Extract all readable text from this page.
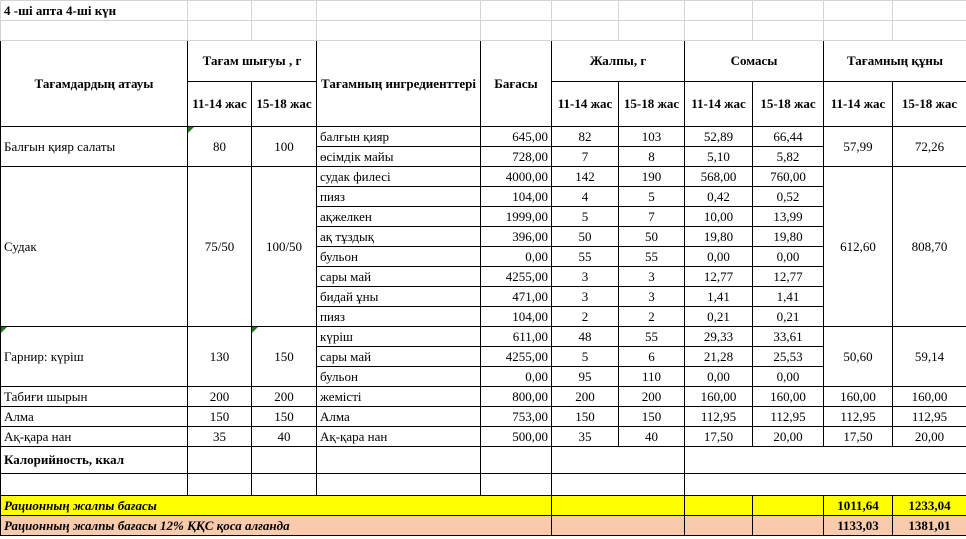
4 -ші апта 4-ші күн										

Тағамдардың атауы	Тағам шығуы , г		Тағамның ингредиенттері	Бағасы	Жалпы, г		Сомасы		Тағамның құны	
	11-14 жас	15-18 жас			11-14 жас	15-18 жас	11-14 жас	15-18 жас	11-14 жас	15-18 жас
Балғын қияр салаты	80	100	балғын қияр	645,00	82	103	52,89	66,44	57,99	72,26
			өсімдік майы	728,00	7	8	5,10	5,82		
Судак	75/50	100/50	судак филесі	4000,00	142	190	568,00	760,00	612,60	808,70
			пияз	104,00	4	5	0,42	0,52		
			ақжелкен	1999,00	5	7	10,00	13,99		
			ақ тұздық	396,00	50	50	19,80	19,80		
			бульон	0,00	55	55	0,00	0,00		
			сары май	4255,00	3	3	12,77	12,77		
			бидай ұны	471,00	3	3	1,41	1,41		
			пияз	104,00	2	2	0,21	0,21		
Гарнир: күріш	130	150	күріш	611,00	48	55	29,33	33,61	50,60	59,14
			сары май	4255,00	5	6	21,28	25,53		
			бульон	0,00	95	110	0,00	0,00		
Табиғи шырын	200	200	жемісті	800,00	200	200	160,00	160,00	160,00	160,00
Алма	150	150	Алма	753,00	150	150	112,95	112,95	112,95	112,95
Ақ-қара нан	35	40	Ақ-қара нан	500,00	35	40	17,50	20,00	17,50	20,00
Калорийность, ккал										

Рационның жалпы бағасы									1011,64	1233,04
Рационның жалпы бағасы 12% ҚҚС қоса алғанда									1133,03	1381,01
